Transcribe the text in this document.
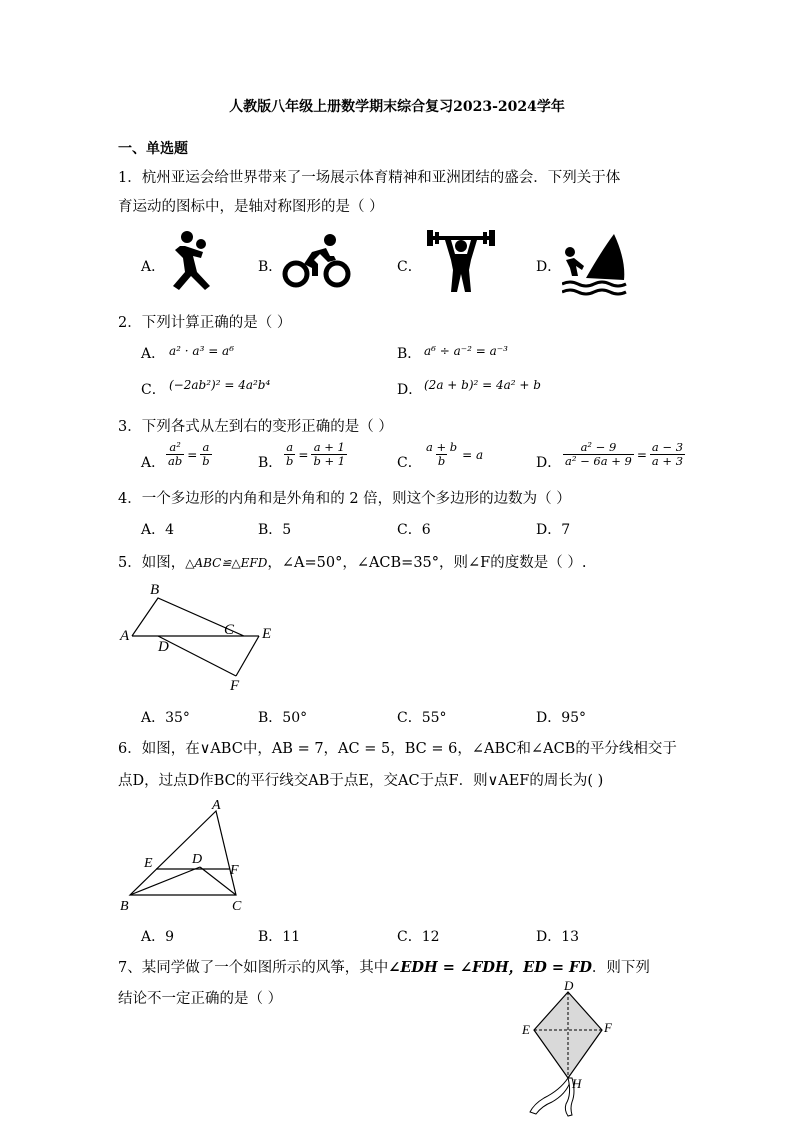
人教版八年级上册数学期末综合复习2023-2024学年
一、单选题
1．杭州亚运会给世界带来了一场展示体育精神和亚洲团结的盛会．下列关于体
育运动的图标中，是轴对称图形的是（ ）
A．	B．	C．	D．
2．下列计算正确的是（ ）
A． a² · a³ = a⁶	B． a⁶ ÷ a⁻² = a⁻³
C． (−2ab²)² = 4a²b⁴	D． (2a + b)² = 4a² + b
3．下列各式从左到右的变形正确的是（ ）
A． $\frac{\text{a²}}{ab} = \frac{a}{b}$	B． $\frac{a}{b} = \frac{a + 1}{b + 1}$	C． $\frac{a + b}{b} = a$
D． $\frac{\text{a² − 9}}{\text{a² − 6a + 9}} = \frac{a - 3}{a + 3}$
4．一个多边形的内角和是外角和的 2 倍，则这个多边形的边数为（ ）
A．4	B．5	C．6	D．7
5．如图，△ABC≌△EFD，∠A=50°，∠ACB=35°，则∠F的度数是（ ）.
B
A	C E
D
F
A．35°	B．50°	C．55°	D．95°
6．如图，在∨ABC中，AB = 7，AC = 5，BC = 6，∠ABC和∠ACB的平分线相交于
点D，过点D作BC的平行线交AB于点E，交AC于点F．则∨AEF的周长为( )
A
E	D
F
B	C
A．9	B．11	C．12	D．13
7、某同学做了一个如图所示的风筝，其中∠EDH = ∠FDH，ED = FD．则下列
结论不一定正确的是（ ）
D
E	F
H
